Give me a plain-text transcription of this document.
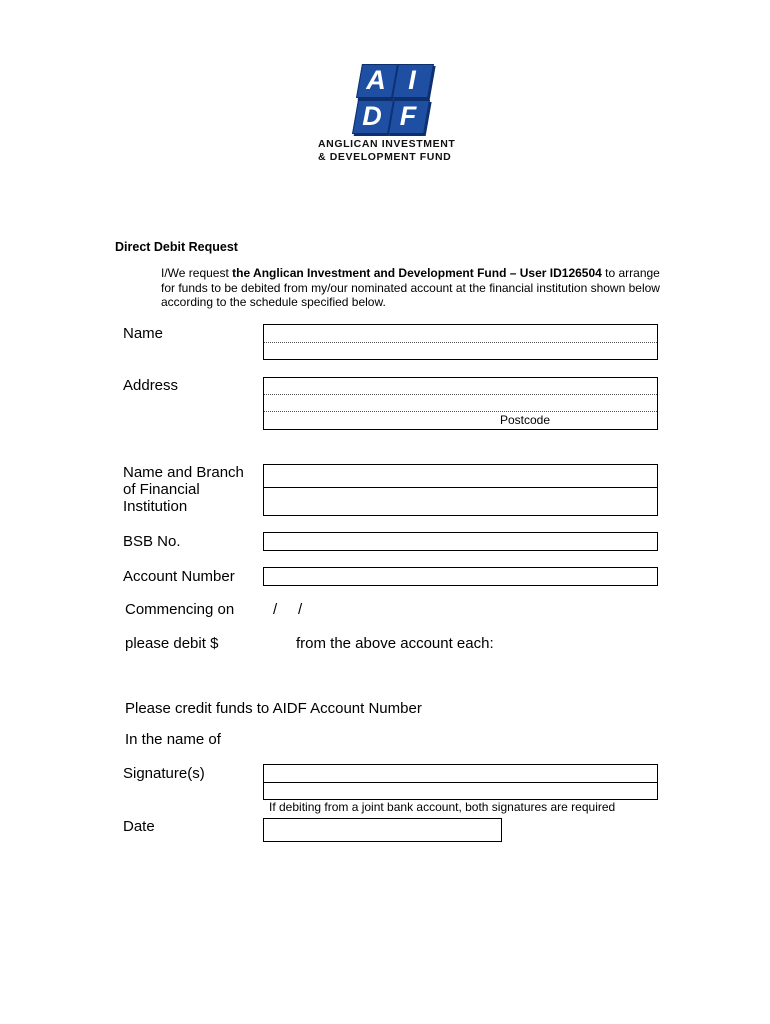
A I
D F
ANGLICAN INVESTMENT
& DEVELOPMENT FUND
Direct Debit Request
I/We request the Anglican Investment and Development Fund – User ID126504 to arrange for funds to be debited from my/our nominated account at the financial institution shown below according to the schedule specified below.
Name
Address
Postcode
Name and Branch
of Financial
Institution
BSB No.
Account Number
Commencing on	/ /
please debit $	from the above account each:
Please credit funds to AIDF Account Number
In the name of
Signature(s)
If debiting from a joint bank account, both signatures are required
Date
